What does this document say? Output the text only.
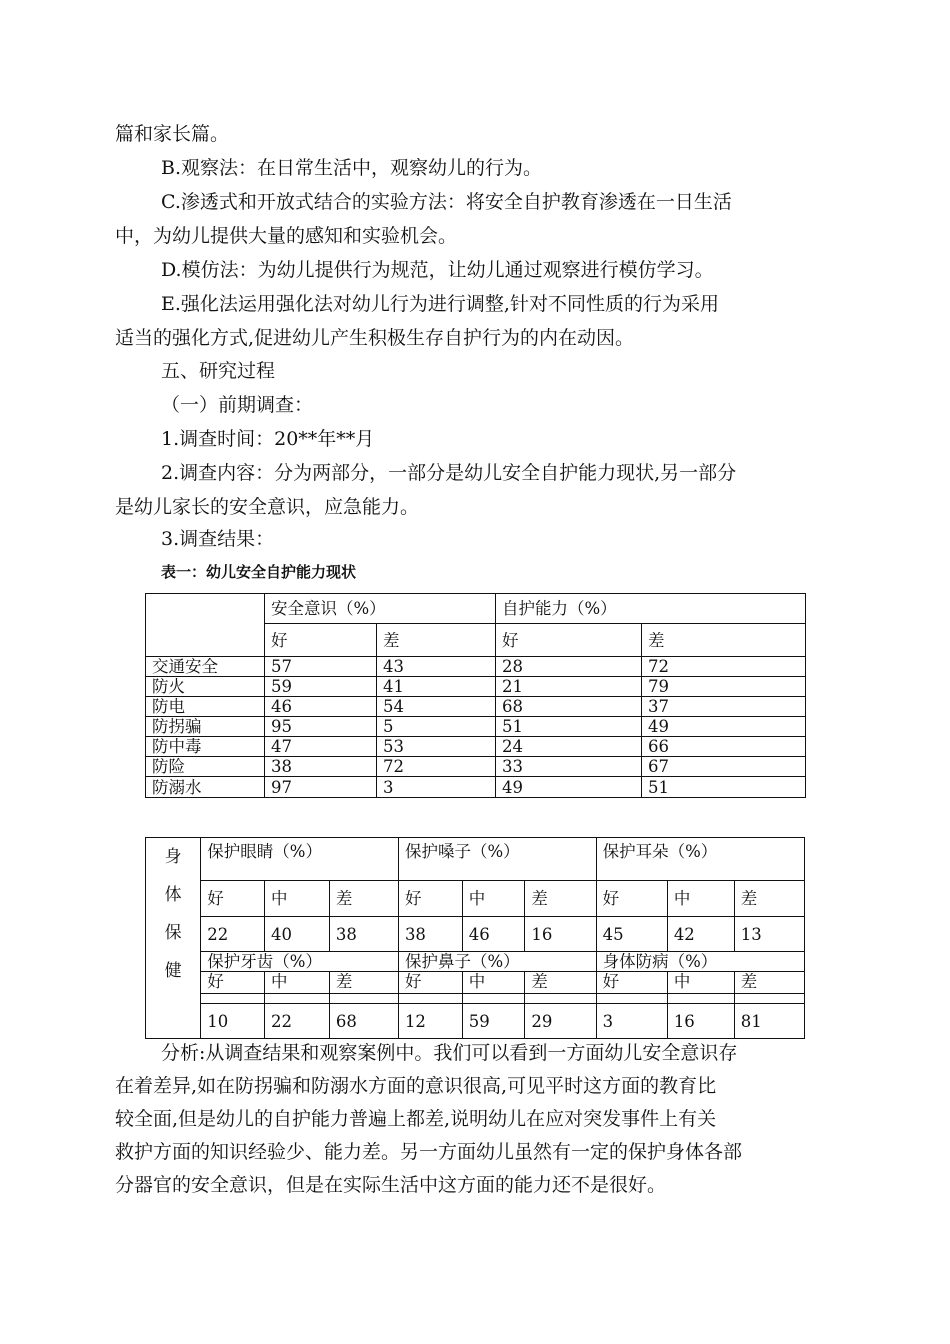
篇和家长篇。
B.观察法：在日常生活中，观察幼儿的行为。
C.渗透式和开放式结合的实验方法：将安全自护教育渗透在一日生活
中，为幼儿提供大量的感知和实验机会。
D.模仿法：为幼儿提供行为规范，让幼儿通过观察进行模仿学习。
E.强化法运用强化法对幼儿行为进行调整,针对不同性质的行为采用
适当的强化方式,促进幼儿产生积极生存自护行为的内在动因。
五、研究过程
（一）前期调查：
1.调查时间：20**年**月
2.调查内容：分为两部分，一部分是幼儿安全自护能力现状,另一部分
是幼儿家长的安全意识，应急能力。
3.调查结果：
表一：幼儿安全自护能力现状
	安全意识（%）		自护能力（%）	
	好	差	好	差
交通安全	57	43	28	72
防火	59	41	21	79
防电	46	54	68	37
防拐骗	95	5	51	49
防中毒	47	53	24	66
防险	38	72	33	67
防溺水	97	3	49	51
身
体
保
健	保护眼睛（%）			保护嗓子（%）			保护耳朵（%）		
	好	中	差	好	中	差	好	中	差
	22	40	38	38	46	16	45	42	13
	保护牙齿（%）			保护鼻子（%）			身体防病（%）		
	好	中	差	好	中	差	好	中	差

	10	22	68	12	59	29	3	16	81
分析:从调查结果和观察案例中。我们可以看到一方面幼儿安全意识存
在着差异,如在防拐骗和防溺水方面的意识很高,可见平时这方面的教育比
较全面,但是幼儿的自护能力普遍上都差,说明幼儿在应对突发事件上有关
救护方面的知识经验少、能力差。另一方面幼儿虽然有一定的保护身体各部
分器官的安全意识，但是在实际生活中这方面的能力还不是很好。
